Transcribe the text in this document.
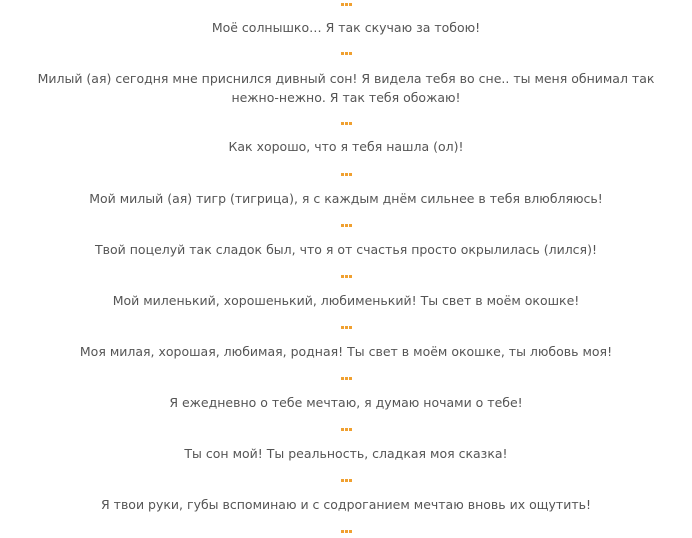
Моё солнышко… Я так скучаю за тобою!

Милый (ая) сегодня мне приснился дивный сон! Я видела тебя во сне.. ты меня обнимал так нежно-нежно. Я так тебя обожаю!

Как хорошо, что я тебя нашла (ол)!

Мой милый (ая) тигр (тигрица), я с каждым днём сильнее в тебя влюбляюсь!

Твой поцелуй так сладок был, что я от счастья просто окрылилась (лился)!

Мой миленький, хорошенький, любименький! Ты свет в моём окошке!

Моя милая, хорошая, любимая, родная! Ты свет в моём окошке, ты любовь моя!

Я ежедневно о тебе мечтаю, я думаю ночами о тебе!

Ты сон мой! Ты реальность, сладкая моя сказка!

Я твои руки, губы вспоминаю и с содроганием мечтаю вновь их ощутить!
